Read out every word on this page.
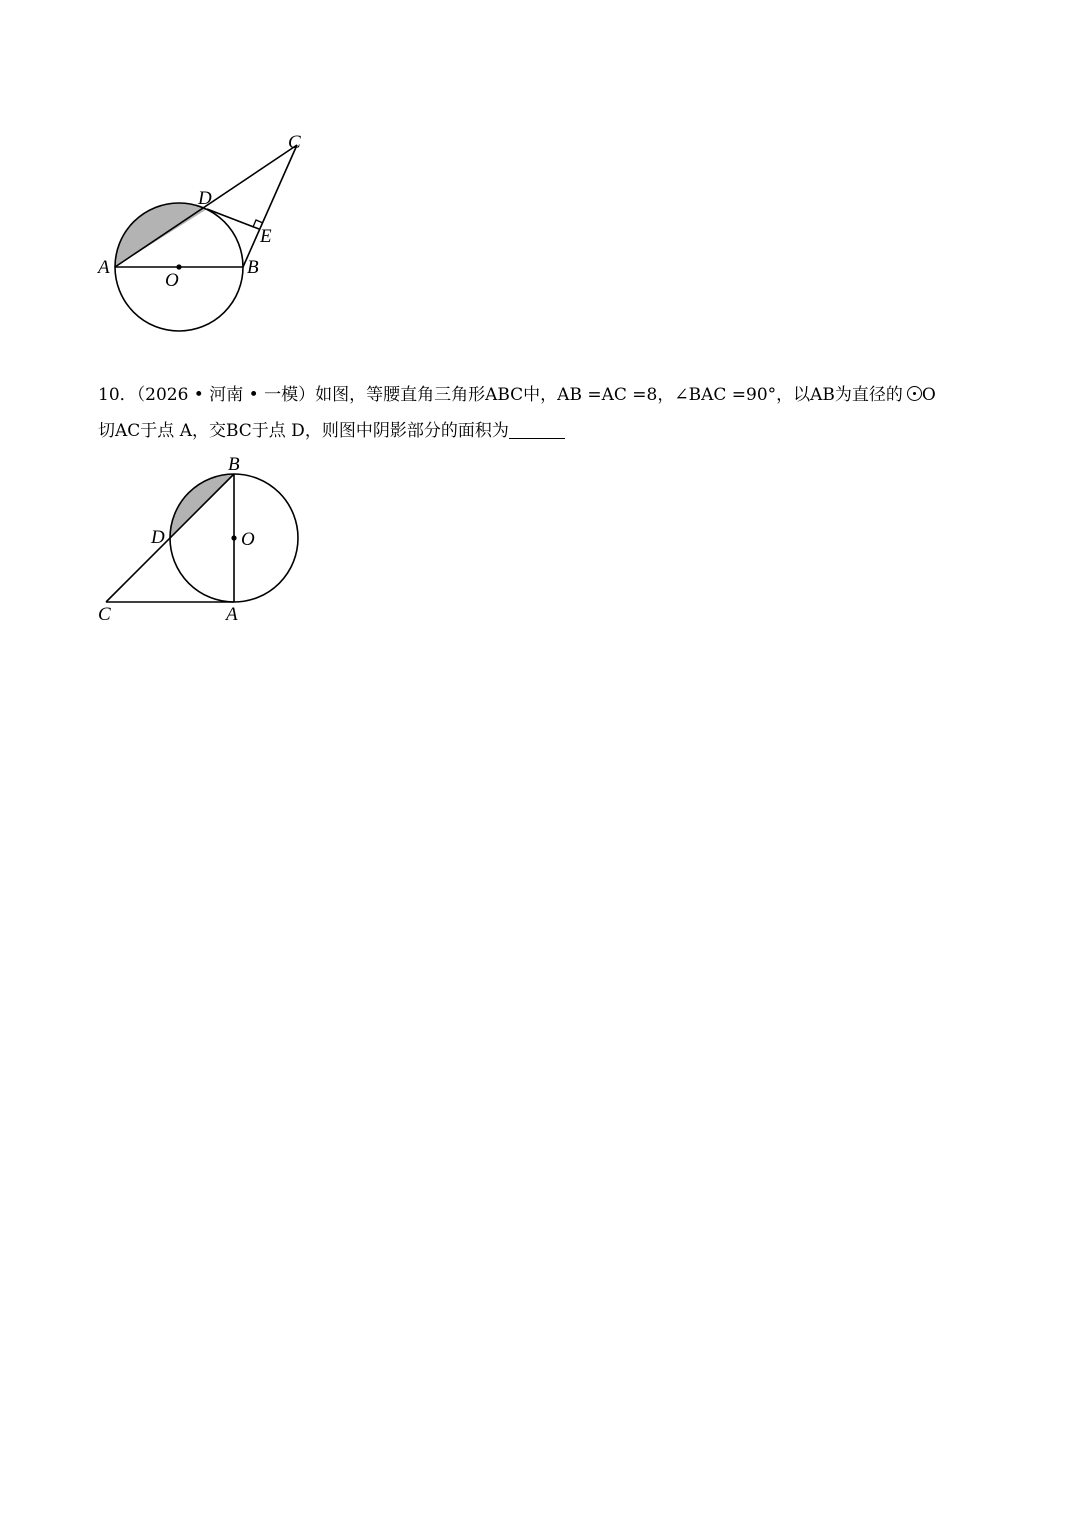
A	B
C
D
E
O
10．（2026 • 河南 • 一模）如图，等腰直角三角形ABC中，AB =AC =8，∠BAC =90°，以AB为直径的 O
切AC于点 A，交BC于点 D，则图中阴影部分的面积为
B
O
D
C	A
